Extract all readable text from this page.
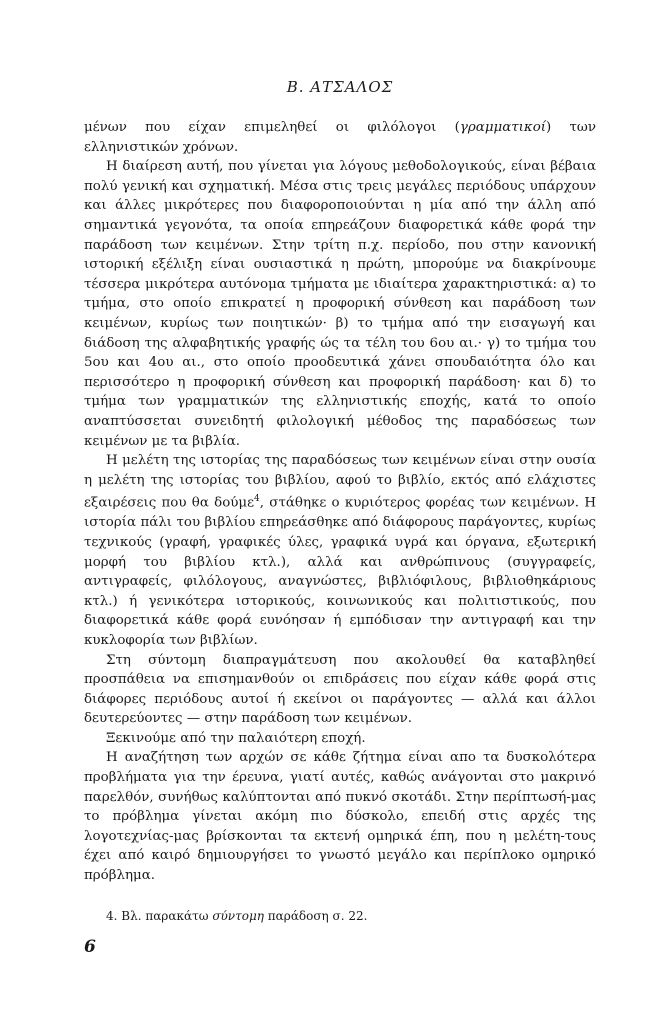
Β. ΑΤΣΑΛΟΣ

μένων που είχαν επιμεληθεί οι φιλόλογοι (γραμματικοί) των ελληνιστικών χρόνων.

Η διαίρεση αυτή, που γίνεται για λόγους μεθοδολογικούς, είναι βέβαια πολύ γενική και σχηματική. Μέσα στις τρεις μεγάλες περιόδους υπάρχουν και άλλες μικρότερες που διαφοροποιούνται η μία από την άλλη από σημαντικά γεγονότα, τα οποία επηρεάζουν διαφορετικά κάθε φορά την παράδοση των κειμένων. Στην τρίτη π.χ. περίοδο, που στην κανονική ιστορική εξέλιξη είναι ουσιαστικά η πρώτη, μπορούμε να διακρίνουμε τέσσερα μικρότερα αυτόνομα τμήματα με ιδιαίτερα χαρακτηριστικά: α) το τμήμα, στο οποίο επικρατεί η προφορική σύνθεση και παράδοση των κειμένων, κυρίως των ποιητικών· β) το τμήμα από την εισαγωγή και διάδοση της αλφαβητικής γραφής ώς τα τέλη του 6ου αι.· γ) το τμήμα του 5ου και 4ου αι., στο οποίο προοδευτικά χάνει σπουδαιότητα όλο και περισσότερο η προφορική σύνθεση και προφορική παράδοση· και δ) το τμήμα των γραμματικών της ελληνιστικής εποχής, κατά το οποίο αναπτύσσεται συνειδητή φιλολογική μέθοδος της παραδόσεως των κειμένων με τα βιβλία.

Η μελέτη της ιστορίας της παραδόσεως των κειμένων είναι στην ουσία η μελέτη της ιστορίας του βιβλίου, αφού το βιβλίο, εκτός από ελάχιστες εξαιρέσεις που θα δούμε$^4$, στάθηκε ο κυριότερος φορέας των κειμένων. Η ιστορία πάλι του βιβλίου επηρεάσθηκε από διάφορους παράγοντες, κυρίως τεχνικούς (γραφή, γραφικές ύλες, γραφικά υγρά και όργανα, εξωτερική μορφή του βιβλίου κτλ.), αλλά και ανθρώπινους (συγγραφείς, αντιγραφείς, φιλόλογους, αναγνώστες, βιβλιόφιλους, βιβλιοθηκάριους κτλ.) ή γενικότερα ιστορικούς, κοινωνικούς και πολιτιστικούς, που διαφορετικά κάθε φορά ευνόησαν ή εμπόδισαν την αντιγραφή και την κυκλοφορία των βιβλίων.

Στη σύντομη διαπραγμάτευση που ακολουθεί θα καταβληθεί προσπάθεια να επισημανθούν οι επιδράσεις που είχαν κάθε φορά στις διάφορες περιόδους αυτοί ή εκείνοι οι παράγοντες — αλλά και άλλοι δευτερεύοντες — στην παράδοση των κειμένων.

Ξεκινούμε από την παλαιότερη εποχή.

Η αναζήτηση των αρχών σε κάθε ζήτημα είναι απο τα δυσκολότερα προβλήματα για την έρευνα, γιατί αυτές, καθώς ανάγονται στο μακρινό παρελθόν, συνήθως καλύπτονται από πυκνό σκοτάδι. Στην περίπτωσή-μας το πρόβλημα γίνεται ακόμη πιο δύσκολο, επειδή στις αρχές της λογοτεχνίας-μας βρίσκονται τα εκτενή ομηρικά έπη, που η μελέτη-τους έχει από καιρό δημιουργήσει το γνωστό μεγάλο και περίπλοκο ομηρικό πρόβλημα.

4. Βλ. παρακάτω σύντομη παράδοση σ. 22.

6
